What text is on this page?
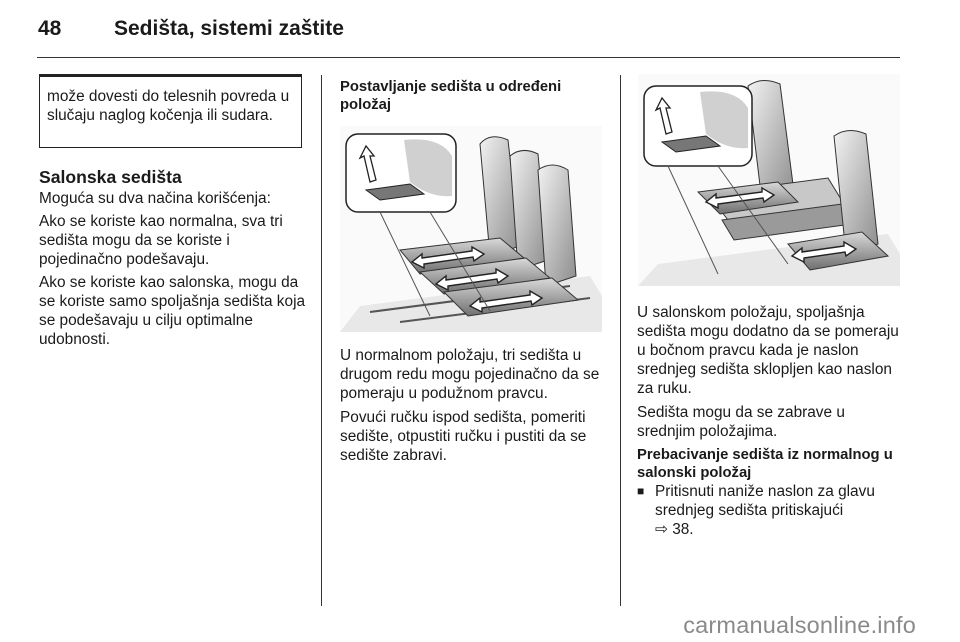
48	Sedišta, sistemi zaštite

može dovesti do telesnih povreda u slučaju naglog kočenja ili sudara.

Salonska sedišta

Moguća su dva načina korišćenja:

Ako se koriste kao normalna, sva tri sedišta mogu da se koriste i pojedinačno podešavaju.

Ako se koriste kao salonska, mogu da se koriste samo spoljašnja sedišta koja se podešavaju u cilju optimalne udobnosti.

Postavljanje sedišta u određeni položaj

U normalnom položaju, tri sedišta u drugom redu mogu pojedinačno da se pomeraju u podužnom pravcu.

Povući ručku ispod sedišta, pomeriti sedište, otpustiti ručku i pustiti da se sedište zabravi.

U salonskom položaju, spoljašnja sedišta mogu dodatno da se pomeraju u bočnom pravcu kada je naslon srednjeg sedišta sklopljen kao naslon za ruku.

Sedišta mogu da se zabrave u srednjim položajima.

Prebacivanje sedišta iz normalnog u salonski položaj
■ Pritisnuti naniže naslon za glavu srednjeg sedišta pritiskajući
⇨ 38.
carmanualsonline.info
